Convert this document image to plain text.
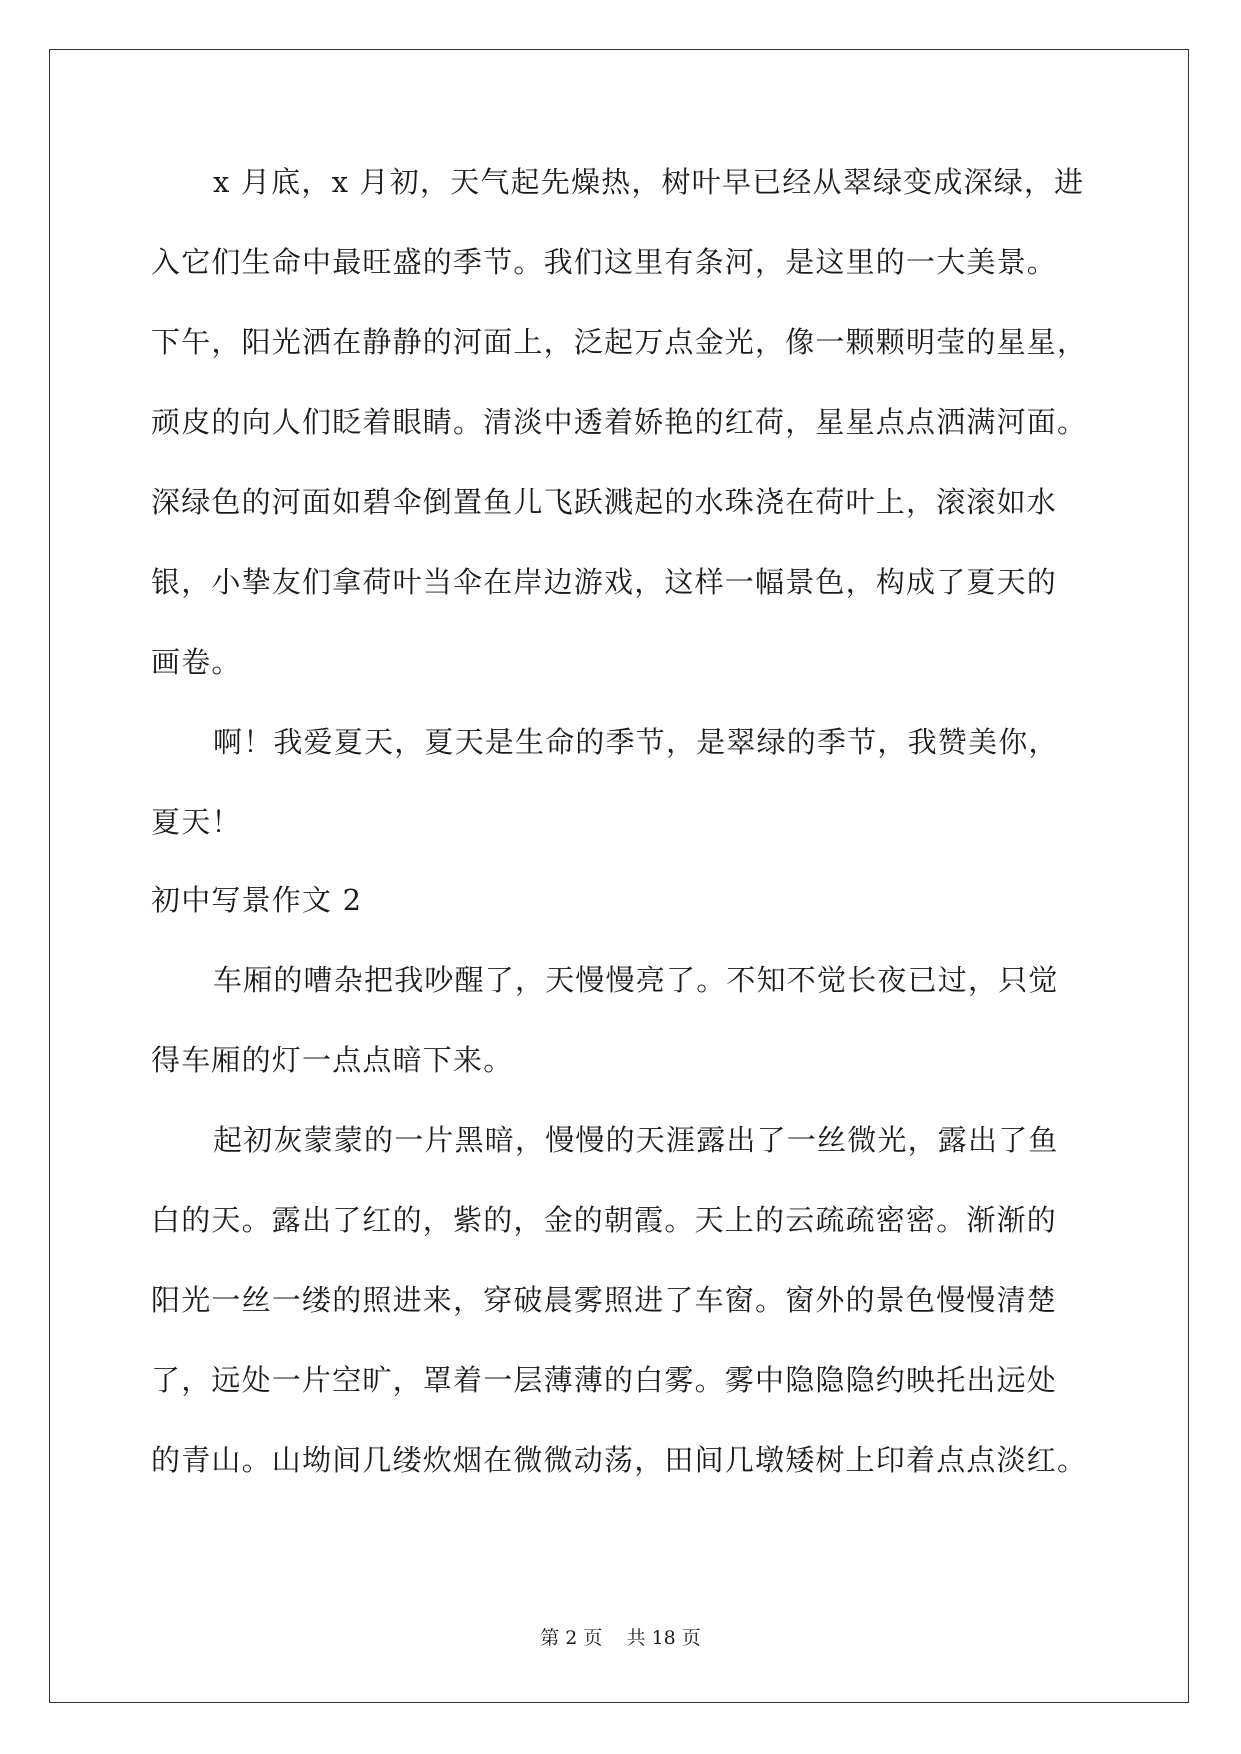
x 月底，x 月初，天气起先燥热，树叶早已经从翠绿变成深绿，进
入它们生命中最旺盛的季节。我们这里有条河，是这里的一大美景。
下午，阳光洒在静静的河面上，泛起万点金光，像一颗颗明莹的星星，
顽皮的向人们眨着眼睛。清淡中透着娇艳的红荷，星星点点洒满河面。
深绿色的河面如碧伞倒置鱼儿飞跃溅起的水珠浇在荷叶上，滚滚如水
银，小挚友们拿荷叶当伞在岸边游戏，这样一幅景色，构成了夏天的
画卷。
啊！我爱夏天，夏天是生命的季节，是翠绿的季节，我赞美你，
夏天！
初中写景作文 2
车厢的嘈杂把我吵醒了，天慢慢亮了。不知不觉长夜已过，只觉
得车厢的灯一点点暗下来。
起初灰蒙蒙的一片黑暗，慢慢的天涯露出了一丝微光，露出了鱼
白的天。露出了红的，紫的，金的朝霞。天上的云疏疏密密。渐渐的
阳光一丝一缕的照进来，穿破晨雾照进了车窗。窗外的景色慢慢清楚
了，远处一片空旷，罩着一层薄薄的白雾。雾中隐隐隐约映托出远处
的青山。山坳间几缕炊烟在微微动荡，田间几墩矮树上印着点点淡红。
第 2 页    共 18 页
